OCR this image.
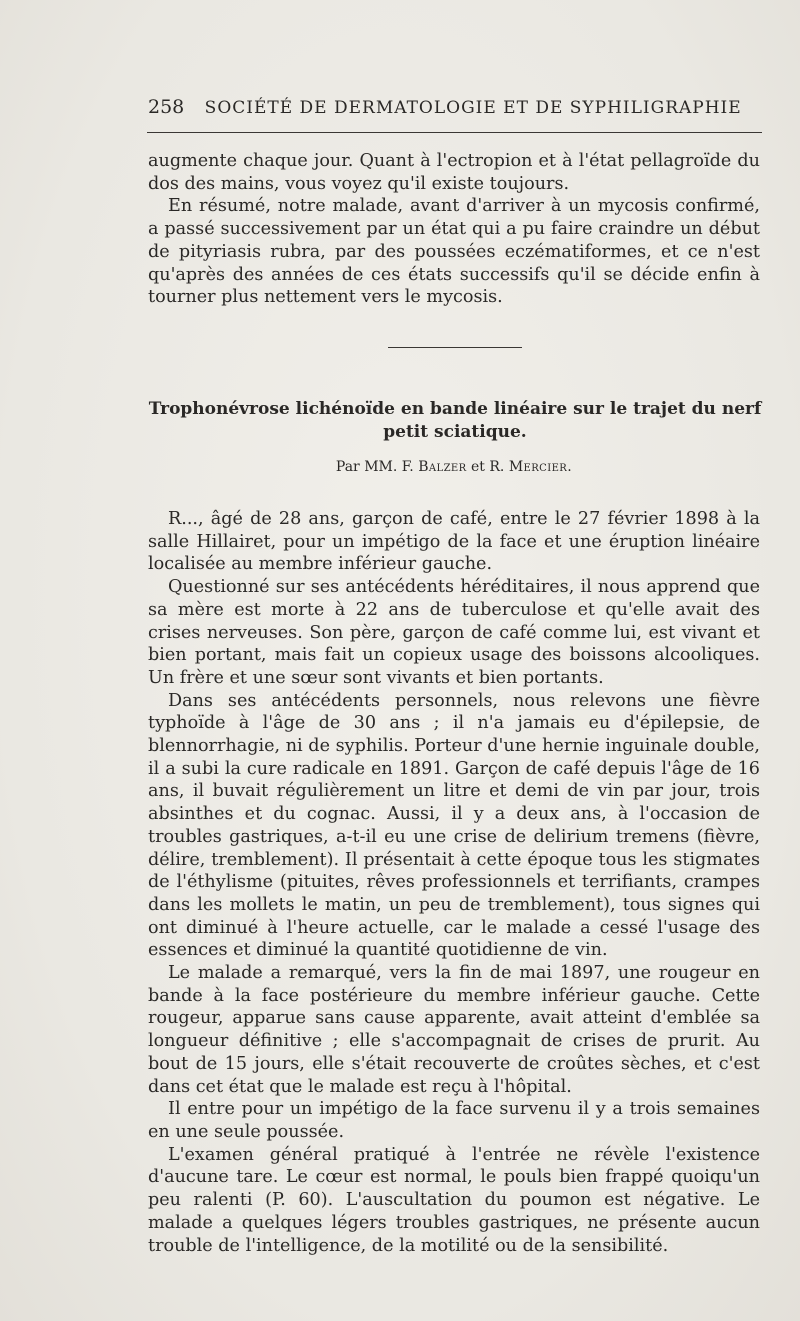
258 SOCIÉTÉ DE DERMATOLOGIE ET DE SYPHILIGRAPHIE

augmente chaque jour. Quant à l'ectropion et à l'état pellagroïde du dos des mains, vous voyez qu'il existe toujours.

En résumé, notre malade, avant d'arriver à un mycosis confirmé, a passé successivement par un état qui a pu faire craindre un début de pityriasis rubra, par des poussées eczématiformes, et ce n'est qu'après des années de ces états successifs qu'il se décide enfin à tourner plus nettement vers le mycosis.

Trophonévrose lichénoïde en bande linéaire sur le trajet du nerf
petit sciatique.
Par MM. F. Balzer et R. Mercier.

R..., âgé de 28 ans, garçon de café, entre le 27 février 1898 à la salle Hillairet, pour un impétigo de la face et une éruption linéaire localisée au membre inférieur gauche.

Questionné sur ses antécédents héréditaires, il nous apprend que sa mère est morte à 22 ans de tuberculose et qu'elle avait des crises nerveuses. Son père, garçon de café comme lui, est vivant et bien portant, mais fait un copieux usage des boissons alcooliques. Un frère et une sœur sont vivants et bien portants.

Dans ses antécédents personnels, nous relevons une fièvre typhoïde à l'âge de 30 ans ; il n'a jamais eu d'épilepsie, de blennorrhagie, ni de syphilis. Porteur d'une hernie inguinale double, il a subi la cure radicale en 1891. Garçon de café depuis l'âge de 16 ans, il buvait régulièrement un litre et demi de vin par jour, trois absinthes et du cognac. Aussi, il y a deux ans, à l'occasion de troubles gastriques, a-t-il eu une crise de delirium tremens (fièvre, délire, tremblement). Il présentait à cette époque tous les stigmates de l'éthylisme (pituites, rêves professionnels et terrifiants, crampes dans les mollets le matin, un peu de tremblement), tous signes qui ont diminué à l'heure actuelle, car le malade a cessé l'usage des essences et diminué la quantité quotidienne de vin.

Le malade a remarqué, vers la fin de mai 1897, une rougeur en bande à la face postérieure du membre inférieur gauche. Cette rougeur, apparue sans cause apparente, avait atteint d'emblée sa longueur définitive ; elle s'accompagnait de crises de prurit. Au bout de 15 jours, elle s'était recouverte de croûtes sèches, et c'est dans cet état que le malade est reçu à l'hôpital.

Il entre pour un impétigo de la face survenu il y a trois semaines en une seule poussée.

L'examen général pratiqué à l'entrée ne révèle l'existence d'aucune tare. Le cœur est normal, le pouls bien frappé quoiqu'un peu ralenti (P. 60). L'auscultation du poumon est négative. Le malade a quelques légers troubles gastriques, ne présente aucun trouble de l'intelligence, de la motilité ou de la sensibilité.
